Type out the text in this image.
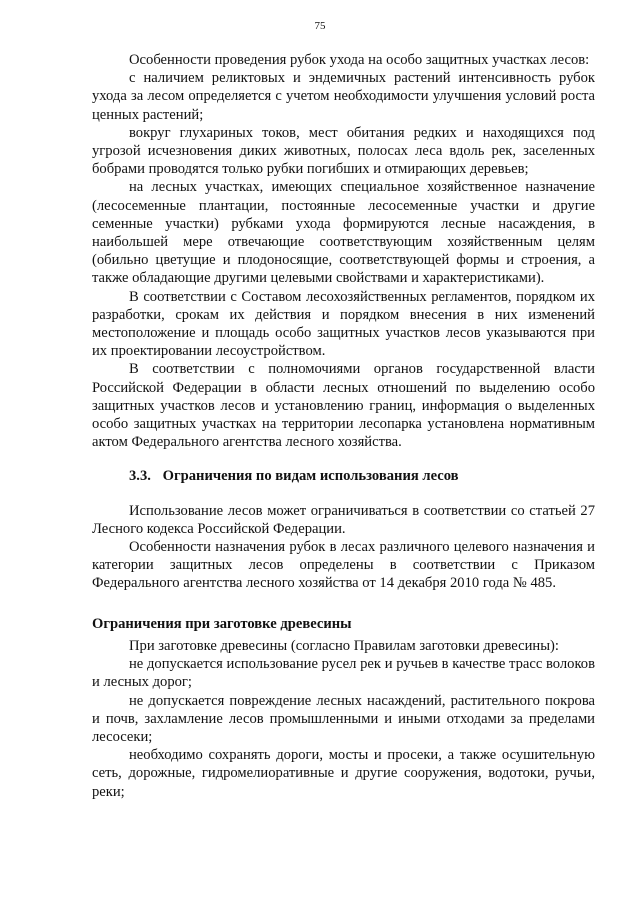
75

Особенности проведения рубок ухода на особо защитных участках лесов:

с наличием реликтовых и эндемичных растений интенсивность рубок ухода за лесом определяется с учетом необходимости улучшения условий роста ценных растений;

вокруг глухариных токов, мест обитания редких и находящихся под угрозой исчезновения диких животных, полосах леса вдоль рек, заселенных бобрами проводятся только рубки погибших и отмирающих деревьев;

на лесных участках, имеющих специальное хозяйственное назначение (лесосеменные плантации, постоянные лесосеменные участки и другие семенные участки) рубками ухода формируются лесные насаждения, в наибольшей мере отвечающие соответствующим хозяйственным целям (обильно цветущие и плодоносящие, соответствующей формы и строения, а также обладающие другими целевыми свойствами и характеристиками).

В соответствии с Составом лесохозяйственных регламентов, порядком их разработки, срокам их действия и порядком внесения в них изменений местоположение и площадь особо защитных участков лесов указываются при их проектировании лесоустройством.

В соответствии с полномочиями органов государственной власти Российской Федерации в области лесных отношений по выделению особо защитных участков лесов и установлению границ, информация о выделенных особо защитных участках на территории лесопарка установлена нормативным актом Федерального агентства лесного хозяйства.

3.3. Ограничения по видам использования лесов

Использование лесов может ограничиваться в соответствии со статьей 27 Лесного кодекса Российской Федерации.

Особенности назначения рубок в лесах различного целевого назначения и категории защитных лесов определены в соответствии с Приказом Федерального агентства лесного хозяйства от 14 декабря 2010 года № 485.

Ограничения при заготовке древесины

При заготовке древесины (согласно Правилам заготовки древесины):

не допускается использование русел рек и ручьев в качестве трасс волоков и лесных дорог;

не допускается повреждение лесных насаждений, растительного покрова и почв, захламление лесов промышленными и иными отходами за пределами лесосеки;

необходимо сохранять дороги, мосты и просеки, а также осушительную сеть, дорожные, гидромелиоративные и другие сооружения, водотоки, ручьи, реки;
